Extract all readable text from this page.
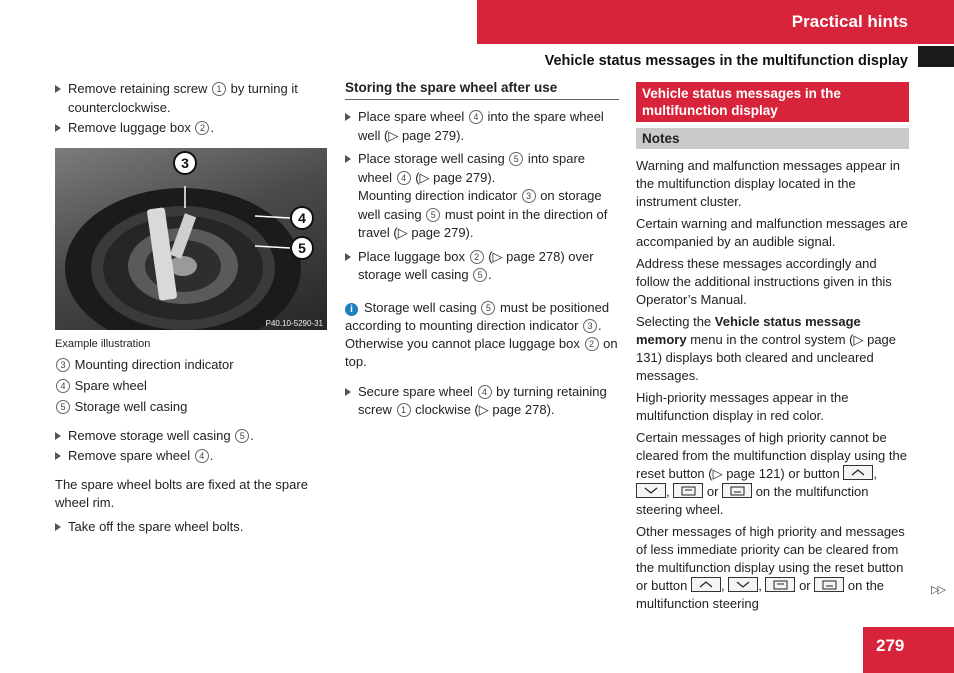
Practical hints
Vehicle status messages in the multifunction display
Remove retaining screw 1 by turning it counterclockwise.
Remove luggage box 2 .
3
4
5
P40.10-5290-31
Example illustration
3 Mounting direction indicator
4 Spare wheel
5 Storage well casing
Remove storage well casing 5 .
Remove spare wheel 4 .
The spare wheel bolts are fixed at the spare wheel rim.
Take off the spare wheel bolts.
Storing the spare wheel after use
Place spare wheel 4 into the spare wheel well (▷ page 279).
Place storage well casing 5 into spare wheel 4 (▷ page 279).
Mounting direction indicator 3 on storage well casing 5 must point in the direction of travel (▷ page 279).
Place luggage box 2 (▷ page 278) over storage well casing 5 .
i Storage well casing 5 must be positioned according to mounting direction indicator 3 . Otherwise you cannot place luggage box 2 on top.
Secure spare wheel 4 by turning retaining screw 1 clockwise (▷ page 278).
Vehicle status messages in the multifunction display
Notes
Warning and malfunction messages appear in the multifunction display located in the instrument cluster.
Certain warning and malfunction messages are accompanied by an audible signal.
Address these messages accordingly and follow the additional instructions given in this Operator’s Manual.
Selecting the Vehicle status message memory menu in the control system (▷ page 131) displays both cleared and uncleared messages.
High-priority messages appear in the multifunction display in red color.
Certain messages of high priority cannot be cleared from the multifunction display using the reset button (▷ page 121) or button	,
,	or	on the multifunction steering wheel.
Other messages of high priority and messages of less immediate priority can be cleared from the multifunction display using the reset button or button	,	,	or	on the multifunction steering
▷▷
279
